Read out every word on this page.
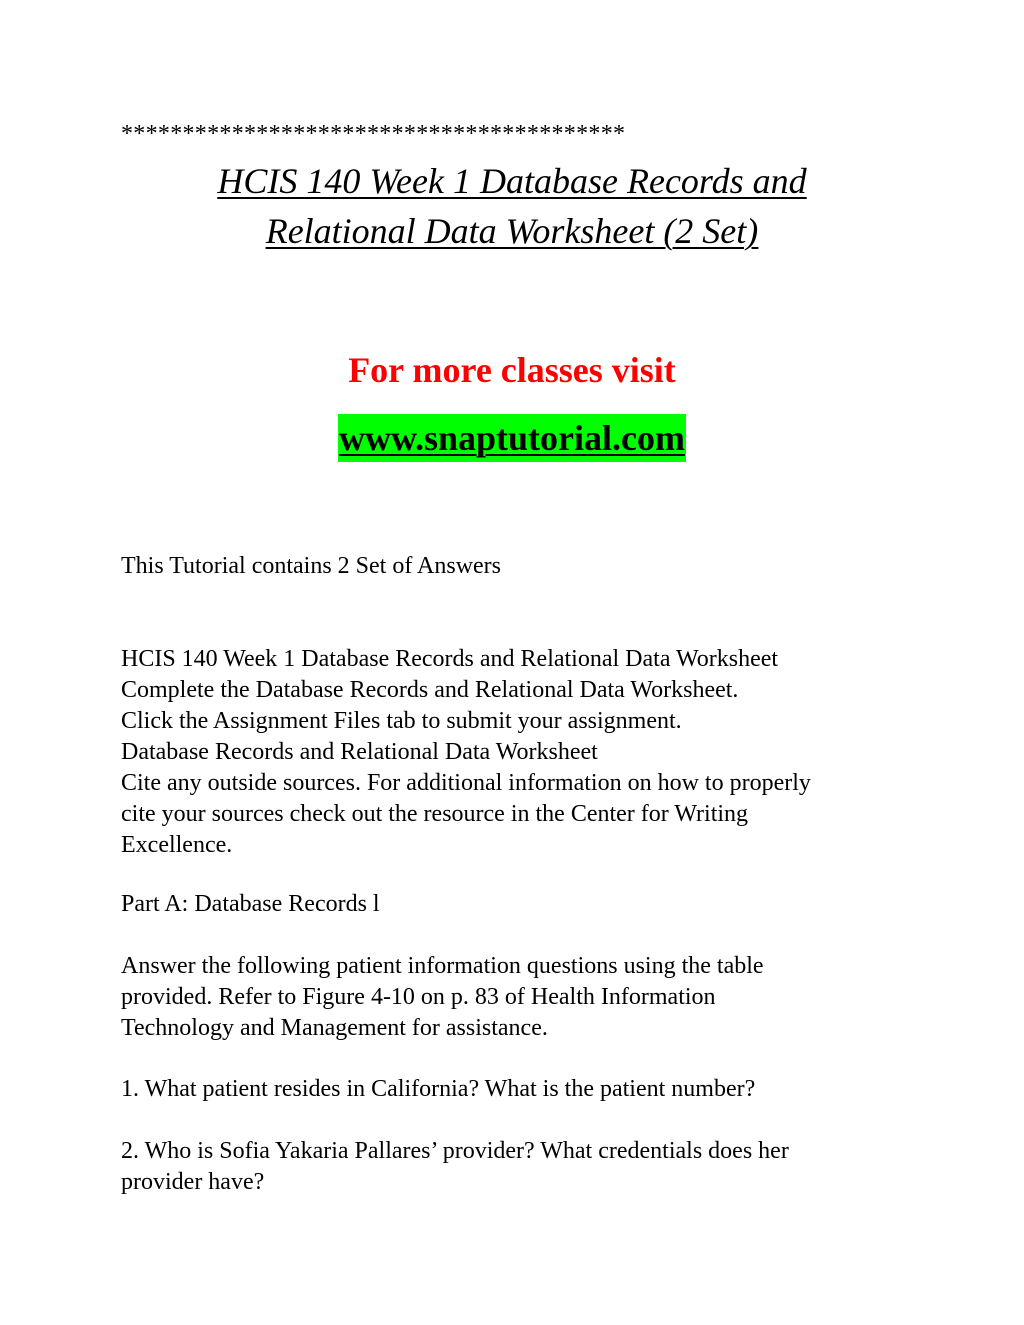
*****************************************
HCIS 140 Week 1 Database Records and
Relational Data Worksheet (2 Set)
For more classes visit
www.snaptutorial.com
This Tutorial contains 2 Set of Answers
HCIS 140 Week 1 Database Records and Relational Data Worksheet
Complete the Database Records and Relational Data Worksheet.
Click the Assignment Files tab to submit your assignment.
Database Records and Relational Data Worksheet
Cite any outside sources. For additional information on how to properly
cite your sources check out the resource in the Center for Writing
Excellence.
Part A: Database Records l
Answer the following patient information questions using the table
provided. Refer to Figure 4-10 on p. 83 of Health Information
Technology and Management for assistance.
1. What patient resides in California? What is the patient number?
2. Who is Sofia Yakaria Pallares’ provider? What credentials does her
provider have?
